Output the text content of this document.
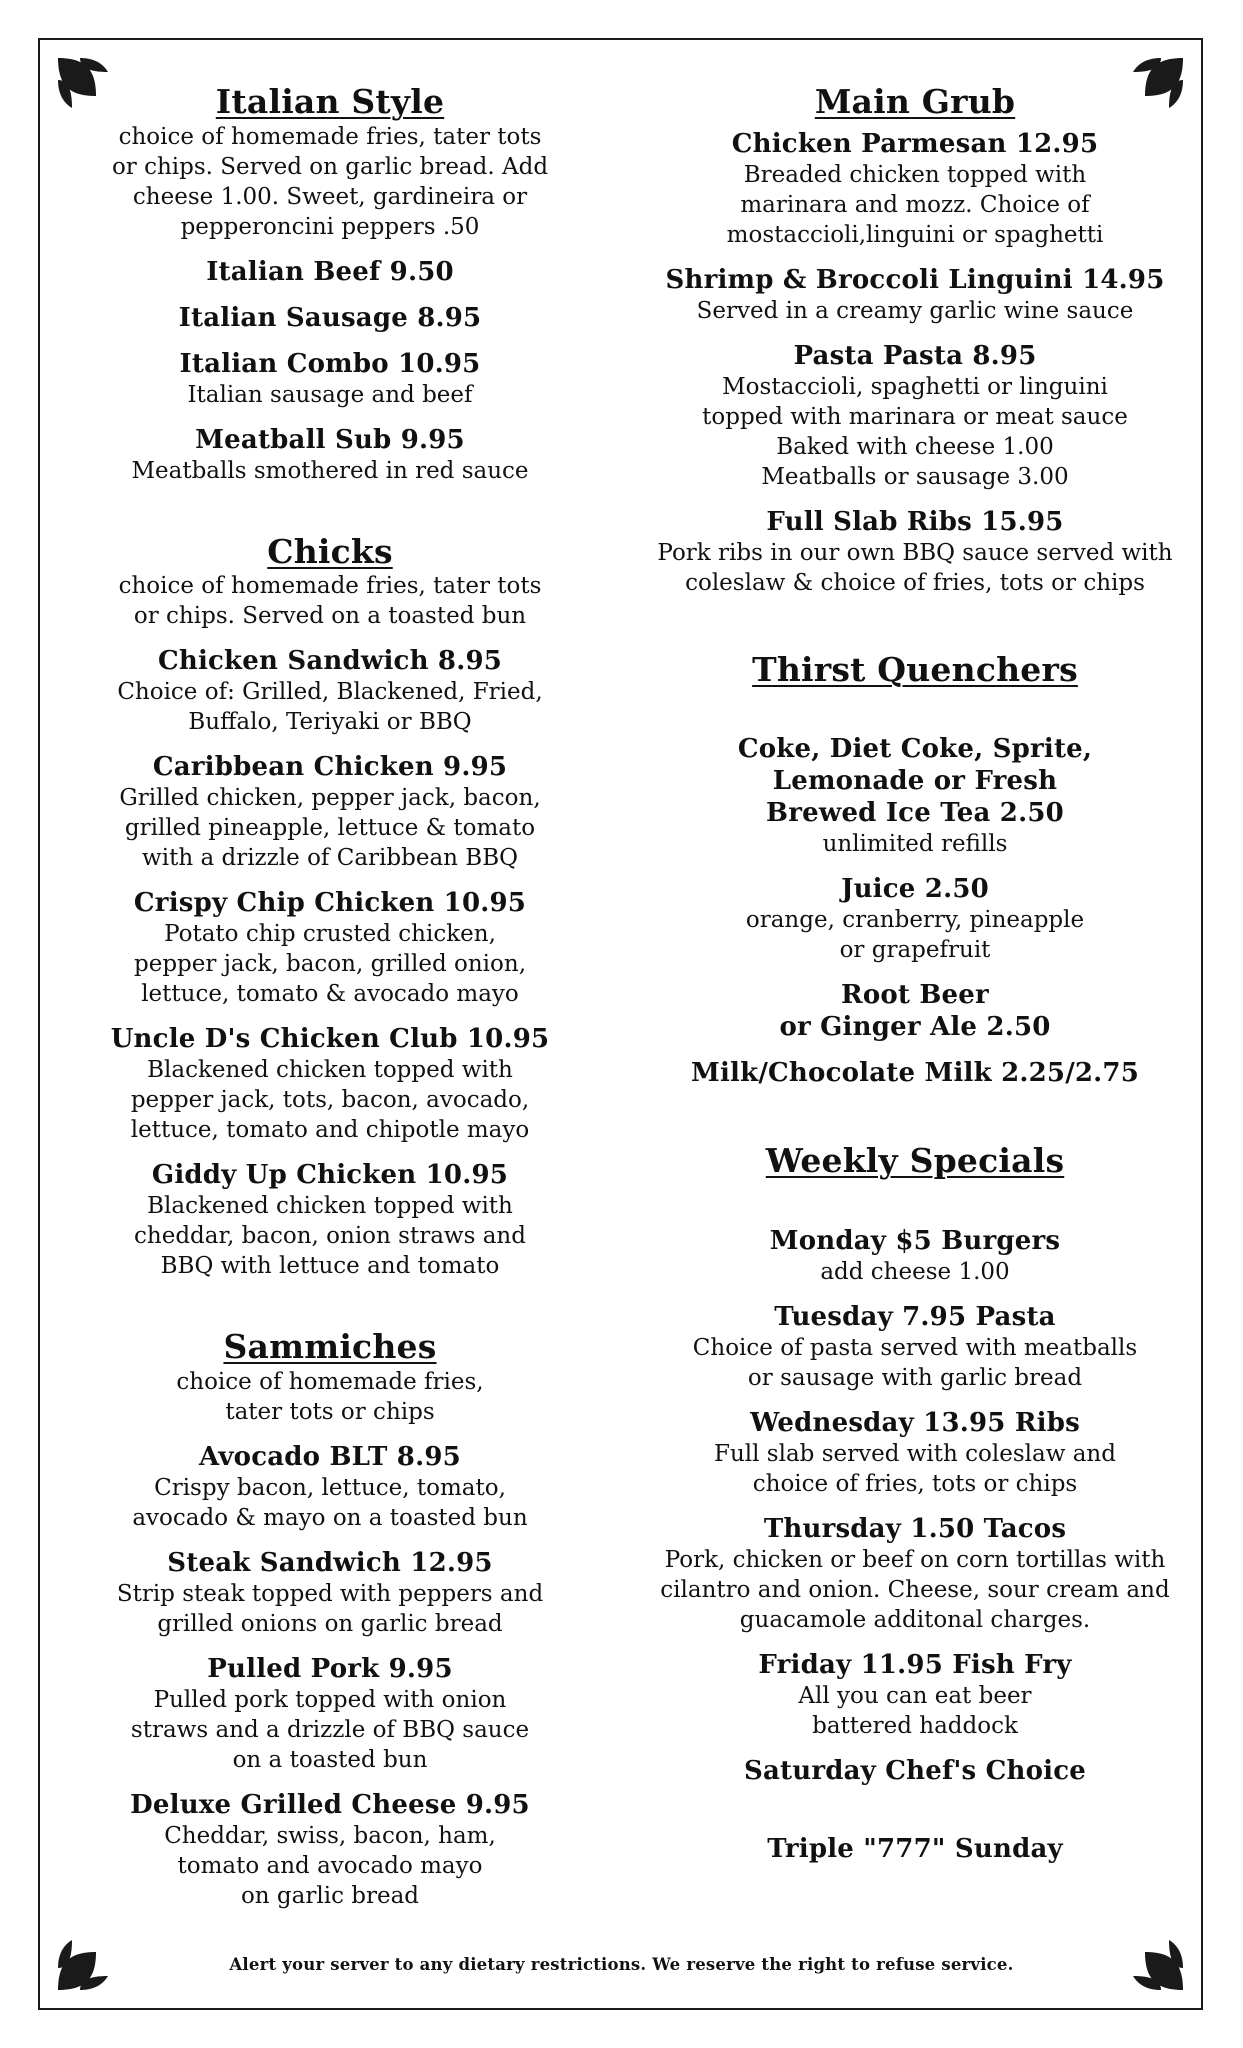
Italian Style
choice of homemade fries, tater tots
or chips. Served on garlic bread. Add
cheese 1.00. Sweet, gardineira or
pepperoncini peppers .50
Italian Beef 9.50
Italian Sausage 8.95
Italian Combo 10.95
Italian sausage and beef
Meatball Sub 9.95
Meatballs smothered in red sauce
Chicks
choice of homemade fries, tater tots
or chips. Served on a toasted bun
Chicken Sandwich 8.95
Choice of: Grilled, Blackened, Fried,
Buffalo, Teriyaki or BBQ
Caribbean Chicken 9.95
Grilled chicken, pepper jack, bacon,
grilled pineapple, lettuce & tomato
with a drizzle of Caribbean BBQ
Crispy Chip Chicken 10.95
Potato chip crusted chicken,
pepper jack, bacon, grilled onion,
lettuce, tomato & avocado mayo
Uncle D's Chicken Club 10.95
Blackened chicken topped with
pepper jack, tots, bacon, avocado,
lettuce, tomato and chipotle mayo
Giddy Up Chicken 10.95
Blackened chicken topped with
cheddar, bacon, onion straws and
BBQ with lettuce and tomato
Sammiches
choice of homemade fries,
tater tots or chips
Avocado BLT 8.95
Crispy bacon, lettuce, tomato,
avocado & mayo on a toasted bun
Steak Sandwich 12.95
Strip steak topped with peppers and
grilled onions on garlic bread
Pulled Pork 9.95
Pulled pork topped with onion
straws and a drizzle of BBQ sauce
on a toasted bun
Deluxe Grilled Cheese 9.95
Cheddar, swiss, bacon, ham,
tomato and avocado mayo
on garlic bread
Main Grub
Chicken Parmesan 12.95
Breaded chicken topped with
marinara and mozz. Choice of
mostaccioli,linguini or spaghetti
Shrimp & Broccoli Linguini 14.95
Served in a creamy garlic wine sauce
Pasta Pasta 8.95
Mostaccioli, spaghetti or linguini
topped with marinara or meat sauce
Baked with cheese 1.00
Meatballs or sausage 3.00
Full Slab Ribs 15.95
Pork ribs in our own BBQ sauce served with
coleslaw & choice of fries, tots or chips
Thirst Quenchers
Coke, Diet Coke, Sprite,
Lemonade or Fresh
Brewed Ice Tea 2.50
unlimited refills
Juice 2.50
orange, cranberry, pineapple
or grapefruit
Root Beer
or Ginger Ale 2.50
Milk/Chocolate Milk 2.25/2.75
Weekly Specials
Monday $5 Burgers
add cheese 1.00
Tuesday 7.95 Pasta
Choice of pasta served with meatballs
or sausage with garlic bread
Wednesday 13.95 Ribs
Full slab served with coleslaw and
choice of fries, tots or chips
Thursday 1.50 Tacos
Pork, chicken or beef on corn tortillas with
cilantro and onion. Cheese, sour cream and
guacamole additonal charges.
Friday 11.95 Fish Fry
All you can eat beer
battered haddock
Saturday Chef's Choice
Triple "777" Sunday
Alert your server to any dietary restrictions. We reserve the right to refuse service.
